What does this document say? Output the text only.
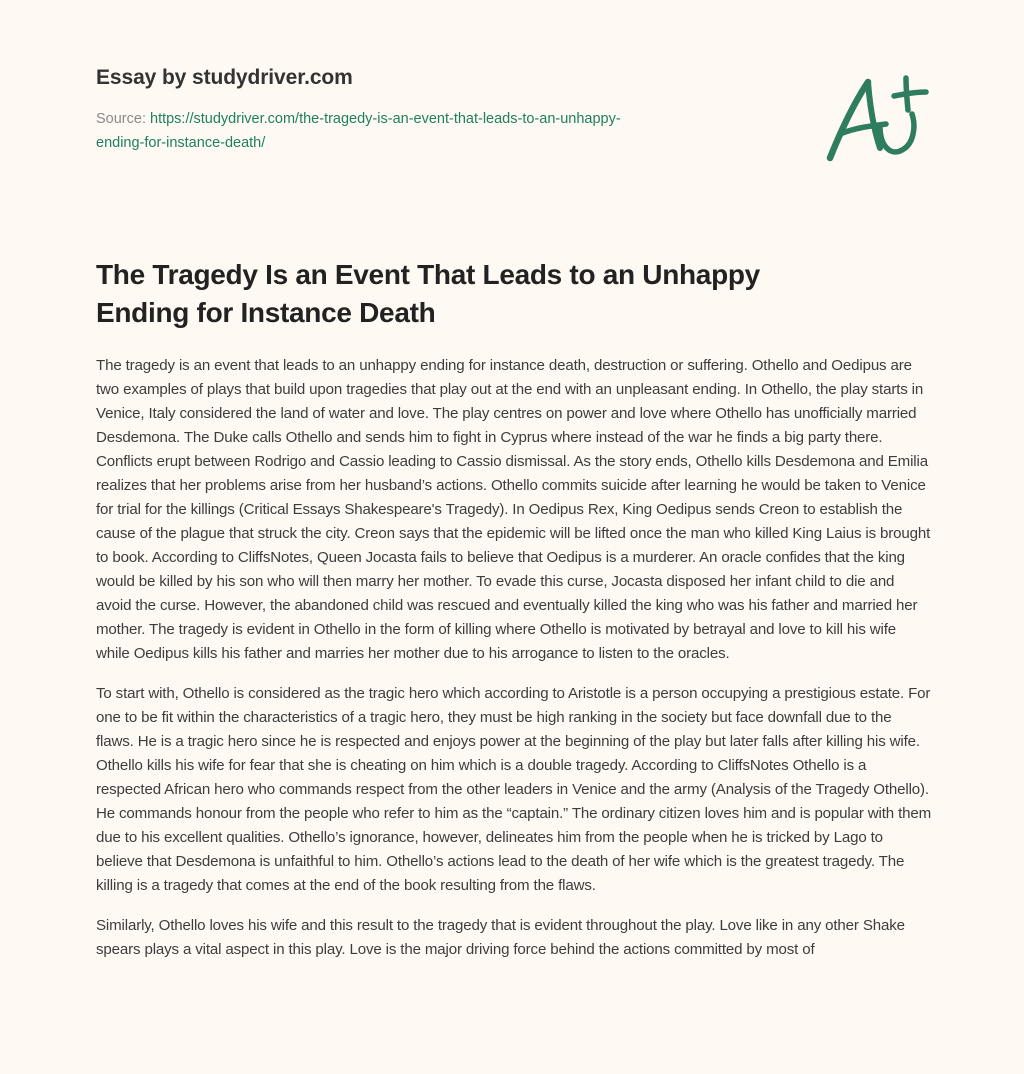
Essay by studydriver.com
Source: https://studydriver.com/the-tragedy-is-an-event-that-leads-to-an-unhappy-
ending-for-instance-death/
The Tragedy Is an Event That Leads to an Unhappy
Ending for Instance Death

The tragedy is an event that leads to an unhappy ending for instance death, destruction or suffering. Othello and Oedipus are two examples of plays that build upon tragedies that play out at the end with an unpleasant ending. In Othello, the play starts in Venice, Italy considered the land of water and love. The play centres on power and love where Othello has unofficially married Desdemona. The Duke calls Othello and sends him to fight in Cyprus where instead of the war he finds a big party there. Conflicts erupt between Rodrigo and Cassio leading to Cassio dismissal. As the story ends, Othello kills Desdemona and Emilia realizes that her problems arise from her husband’s actions. Othello commits suicide after learning he would be taken to Venice for trial for the killings (Critical Essays Shakespeare's Tragedy). In Oedipus Rex, King Oedipus sends Creon to establish the cause of the plague that struck the city. Creon says that the epidemic will be lifted once the man who killed King Laius is brought to book. According to CliffsNotes, Queen Jocasta fails to believe that Oedipus is a murderer. An oracle confides that the king would be killed by his son who will then marry her mother. To evade this curse, Jocasta disposed her infant child to die and avoid the curse. However, the abandoned child was rescued and eventually killed the king who was his father and married her mother. The tragedy is evident in Othello in the form of killing where Othello is motivated by betrayal and love to kill his wife while Oedipus kills his father and marries her mother due to his arrogance to listen to the oracles.

To start with, Othello is considered as the tragic hero which according to Aristotle is a person occupying a prestigious estate. For one to be fit within the characteristics of a tragic hero, they must be high ranking in the society but face downfall due to the flaws. He is a tragic hero since he is respected and enjoys power at the beginning of the play but later falls after killing his wife. Othello kills his wife for fear that she is cheating on him which is a double tragedy. According to CliffsNotes Othello is a respected African hero who commands respect from the other leaders in Venice and the army (Analysis of the Tragedy Othello). He commands honour from the people who refer to him as the “captain.” The ordinary citizen loves him and is popular with them due to his excellent qualities. Othello’s ignorance, however, delineates him from the people when he is tricked by Lago to believe that Desdemona is unfaithful to him. Othello’s actions lead to the death of her wife which is the greatest tragedy. The killing is a tragedy that comes at the end of the book resulting from the flaws.

Similarly, Othello loves his wife and this result to the tragedy that is evident throughout the play. Love like in any other Shake spears plays a vital aspect in this play. Love is the major driving force behind the actions committed by most of
